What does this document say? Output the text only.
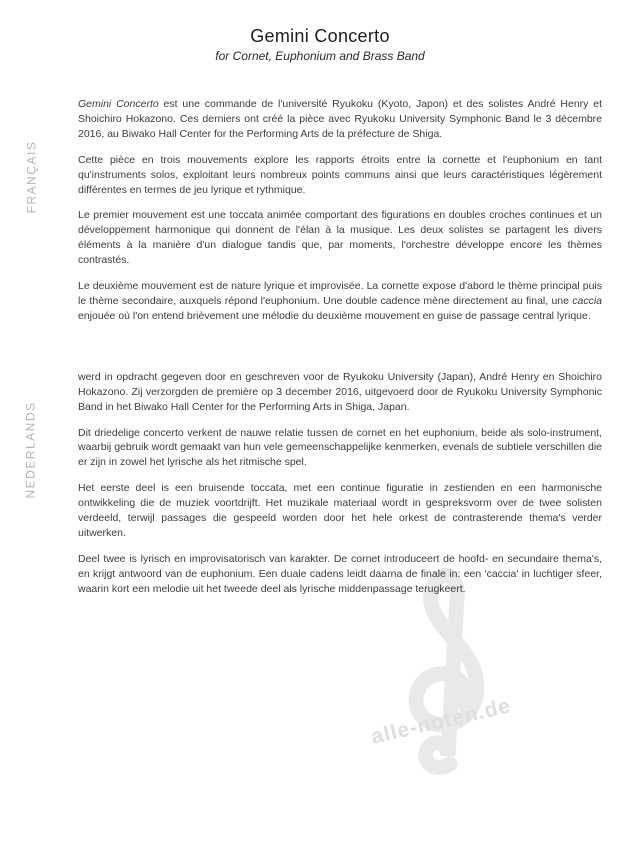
Gemini Concerto
for Cornet, Euphonium and Brass Band
alle-noten.de
FRANÇAIS

Gemini Concerto est une commande de l'université Ryukoku (Kyoto, Japon) et des solistes André Henry et Shoichiro Hokazono. Ces derniers ont créé la pièce avec Ryukoku University Symphonic Band le 3 décembre 2016, au Biwako Hall Center for the Performing Arts de la préfecture de Shiga.

Cette pièce en trois mouvements explore les rapports étroits entre la cornette et l'euphonium en tant qu'instruments solos, exploitant leurs nombreux points communs ainsi que leurs caractéristiques légèrement différentes en termes de jeu lyrique et rythmique.

Le premier mouvement est une toccata animée comportant des figurations en doubles croches continues et un développement harmonique qui donnent de l'élan à la musique. Les deux solistes se partagent les divers éléments à la manière d'un dialogue tandis que, par moments, l'orchestre développe encore les thèmes contrastés.

Le deuxième mouvement est de nature lyrique et improvisée. La cornette expose d'abord le thème principal puis le thème secondaire, auxquels répond l'euphonium. Une double cadence mène directement au final, une caccia enjouée où l'on entend brièvement une mélodie du deuxième mouvement en guise de passage central lyrique.

NEDERLANDS

werd in opdracht gegeven door en geschreven voor de Ryukoku University (Japan), André Henry en Shoichiro Hokazono. Zij verzorgden de première op 3 december 2016, uitgevoerd door de Ryukoku University Symphonic Band in het Biwako Hall Center for the Performing Arts in Shiga, Japan.

Dit driedelige concerto verkent de nauwe relatie tussen de cornet en het euphonium, beide als solo-instrument, waarbij gebruik wordt gemaakt van hun vele gemeenschappelijke kenmerken, evenals de subtiele verschillen die er zijn in zowel het lyrische als het ritmische spel.

Het eerste deel is een bruisende toccata, met een continue figuratie in zestienden en een harmonische ontwikkeling die de muziek voortdrijft. Het muzikale materiaal wordt in gespreksvorm over de twee solisten verdeeld, terwijl passages die gespeeld worden door het hele orkest de contrasterende thema's verder uitwerken.

Deel twee is lyrisch en improvisatorisch van karakter. De cornet introduceert de hoofd- en secundaire thema's, en krijgt antwoord van de euphonium. Een duale cadens leidt daarna de finale in: een 'caccia' in luchtiger sfeer, waarin kort een melodie uit het tweede deel als lyrische middenpassage terugkeert.
